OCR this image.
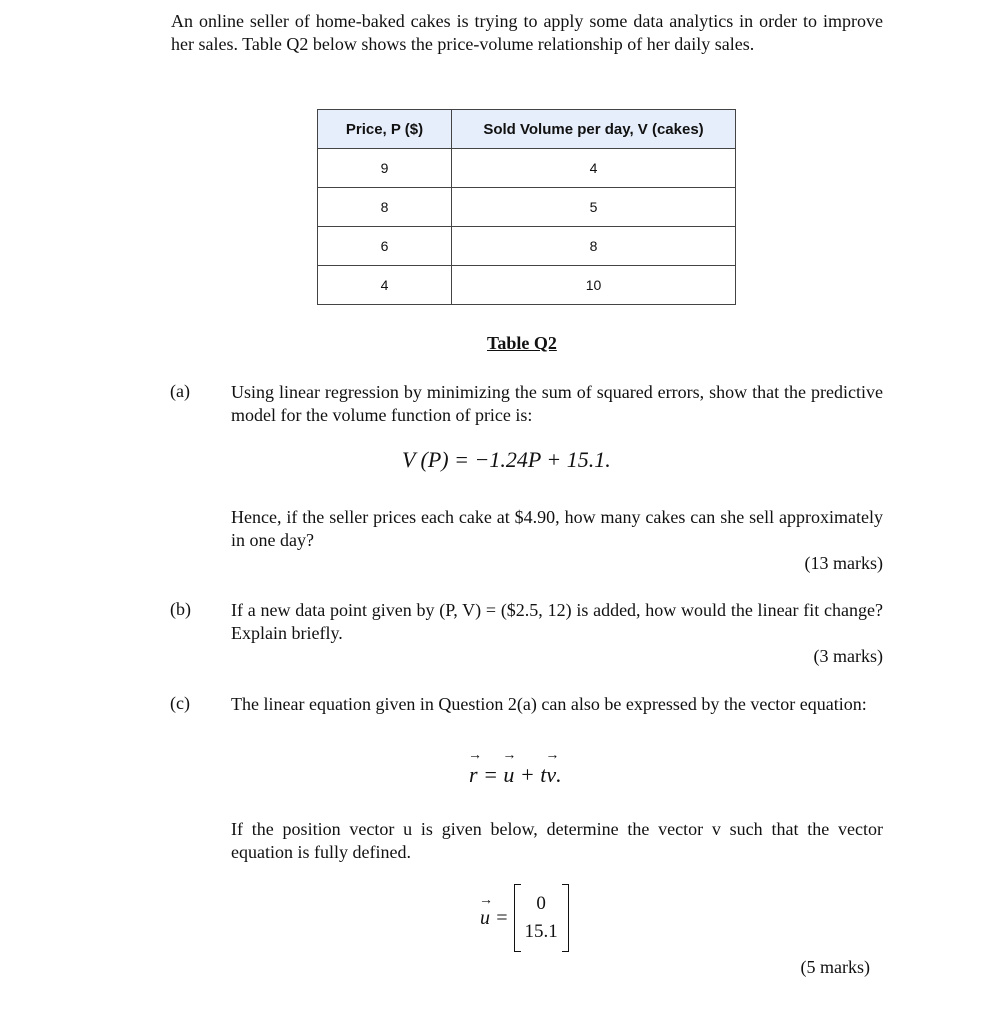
An online seller of home-baked cakes is trying to apply some data analytics in order to improve her sales. Table Q2 below shows the price-volume relationship of her daily sales.
Price, P ($)	Sold Volume per day, V (cakes)
9	4
8	5
6	8
4	10
Table Q2
(a) Using linear regression by minimizing the sum of squared errors, show that the predictive model for the volume function of price is:
V (P) = −1.24P + 15.1.
Hence, if the seller prices each cake at $4.90, how many cakes can she sell approximately in one day?
(13 marks)
(b) If a new data point given by (P, V) = ($2.5, 12) is added, how would the linear fit change? Explain briefly.
(3 marks)
(c) The linear equation given in Question 2(a) can also be expressed by the vector equation:
→ r = → u + t→ v.
If the position vector u is given below, determine the vector v such that the vector equation is fully defined.
→ u =
0
15.1
(5 marks)
